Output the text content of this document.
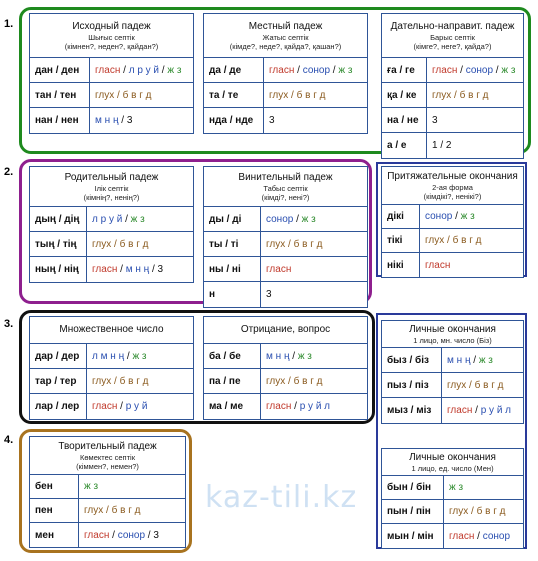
1.
2.
3.
4.
kaz-tili.kz
Исходный падеж
Шығыс септік
(кімнен?, неден?, қайдан?)
дан / ден	гласн / л р у й / ж з
тан / тен	глух / б в г д
нан / нен	м н ң / 3
Местный падеж
Жатыс септік
(кімде?, неде?, қайда?, қашан?)
да / де	гласн / сонор / ж з
та / те	глух / б в г д
нда / нде	3
Дательно-направит. падеж
Барыс септік
(кімге?, неге?, қайда?)
ға / ге	гласн / сонор / ж з
қа / ке	глух / б в г д
на / не	3
а / е	1 / 2
Родительный падеж
Ілік септік
(кімнің?, ненің?)
дың / дің	л р у й / ж з
тың / тің	глух / б в г д
ның / нің	гласн / м н ң / 3
Винительный падеж
Табыс септік
(кімді?, нені?)
ды / ді	сонор / ж з
ты / ті	глух / б в г д
ны / ні	гласн
н	3
Притяжательные окончания
2-ая форма
(кімдікі?, ненікі?)
дікі	сонор / ж з
тікі	глух / б в г д
нікі	гласн
Множественное число
дар / дер	л м н ң / ж з
тар / тер	глух / б в г д
лар / лер	гласн / р у й
Отрицание, вопрос
ба / бе	м н ң / ж з
па / пе	глух / б в г д
ма / ме	гласн / р у й л
Личные окончания
1 лицо, мн. число (Біз)
быз / біз	м н ң / ж з
пыз / піз	глух / б в г д
мыз / міз	гласн / р у й л
Творительный падеж
Көмектес септік
(кіммен?, немен?)
бен	ж з
пен	глух / б в г д
мен	гласн / сонор / 3
Личные окончания
1 лицо, ед. число (Мен)
бын / бін	ж з
пын / пін	глух / б в г д
мын / мін	гласн / сонор
